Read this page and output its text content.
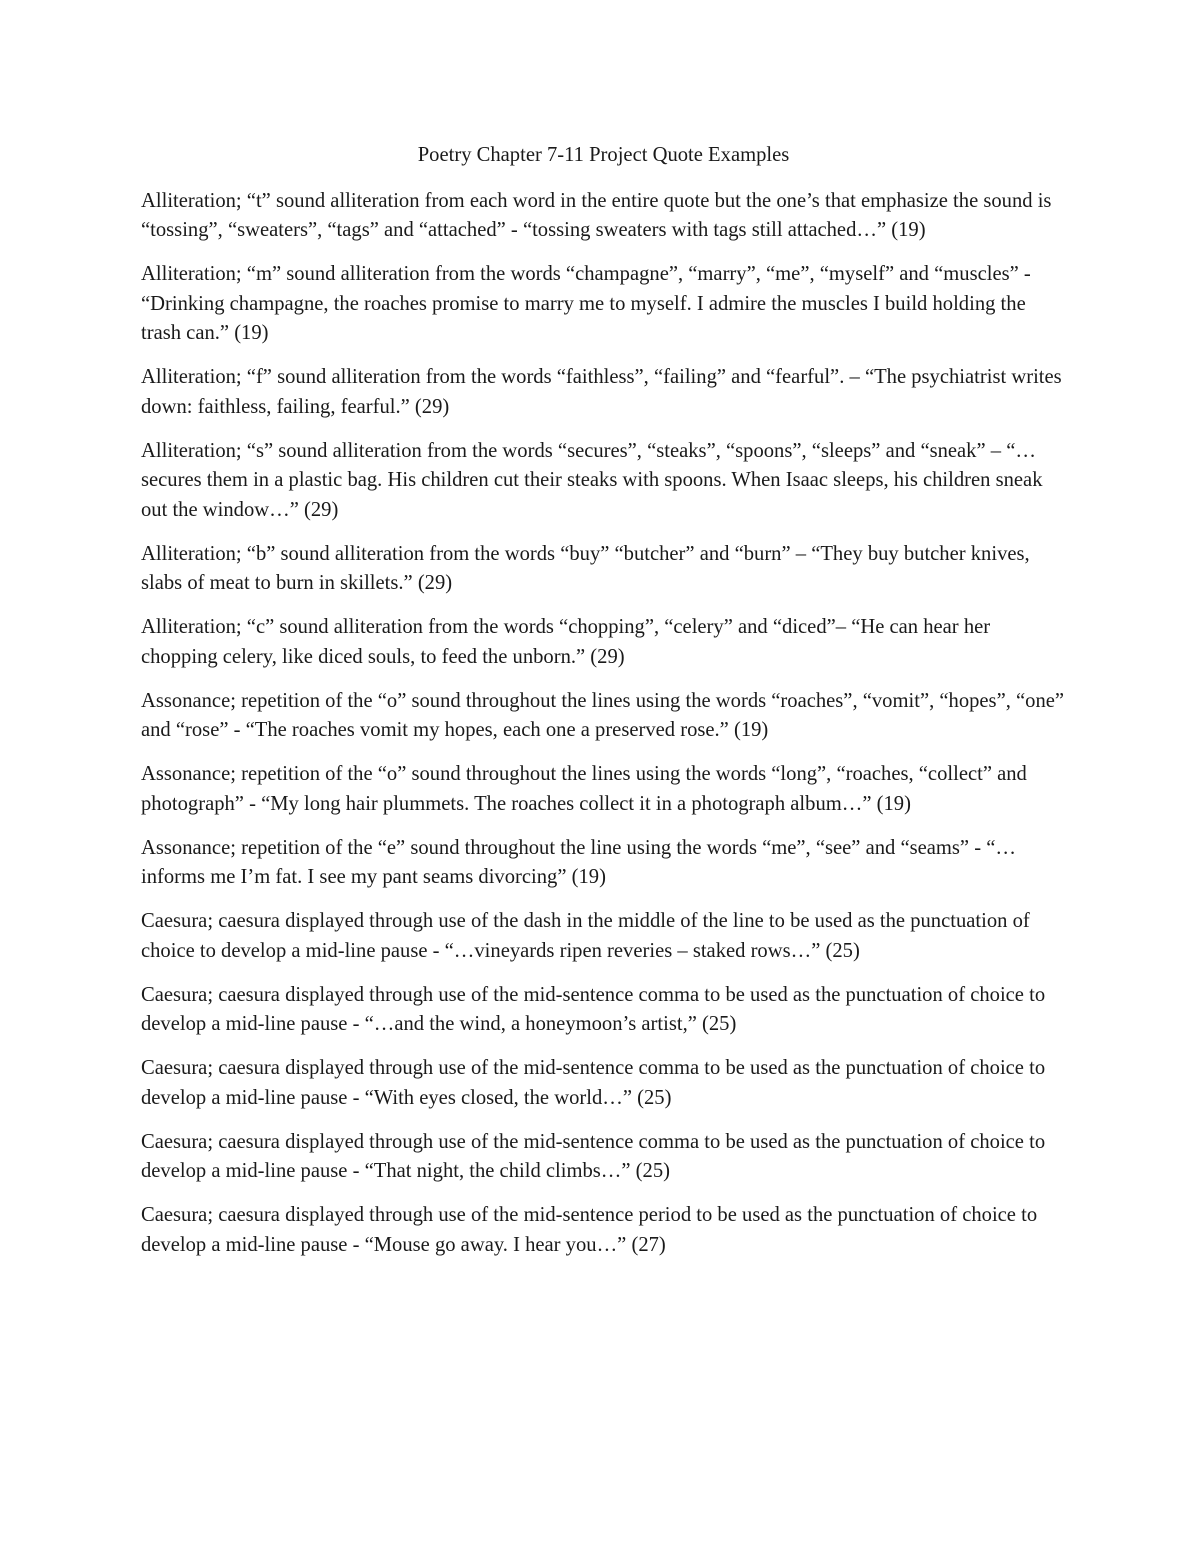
Poetry Chapter 7-11 Project Quote Examples

Alliteration; “t” sound alliteration from each word in the entire quote but the one’s that emphasize the sound is “tossing”, “sweaters”, “tags” and “attached” - “tossing sweaters with tags still attached…” (19)

Alliteration; “m” sound alliteration from the words “champagne”, “marry”, “me”, “myself” and “muscles” - “Drinking champagne, the roaches promise to marry me to myself. I admire the muscles I build holding the trash can.” (19)

Alliteration; “f” sound alliteration from the words “faithless”, “failing” and “fearful”. – “The psychiatrist writes down: faithless, failing, fearful.” (29)

Alliteration; “s” sound alliteration from the words “secures”, “steaks”, “spoons”, “sleeps” and “sneak” – “…secures them in a plastic bag. His children cut their steaks with spoons. When Isaac sleeps, his children sneak out the window…” (29)

Alliteration; “b” sound alliteration from the words “buy” “butcher” and “burn” – “They buy butcher knives, slabs of meat to burn in skillets.” (29)

Alliteration; “c” sound alliteration from the words “chopping”, “celery” and “diced”– “He can hear her chopping celery, like diced souls, to feed the unborn.” (29)

Assonance; repetition of the “o” sound throughout the lines using the words “roaches”, “vomit”, “hopes”, “one” and “rose” - “The roaches vomit my hopes, each one a preserved rose.” (19)

Assonance; repetition of the “o” sound throughout the lines using the words “long”, “roaches, “collect” and photograph” - “My long hair plummets. The roaches collect it in a photograph album…” (19)

Assonance; repetition of the “e” sound throughout the line using the words “me”, “see” and “seams” - “…informs me I’m fat. I see my pant seams divorcing” (19)

Caesura; caesura displayed through use of the dash in the middle of the line to be used as the punctuation of choice to develop a mid-line pause - “…vineyards ripen reveries – staked rows…” (25)

Caesura; caesura displayed through use of the mid-sentence comma to be used as the punctuation of choice to develop a mid-line pause - “…and the wind, a honeymoon’s artist,” (25)

Caesura; caesura displayed through use of the mid-sentence comma to be used as the punctuation of choice to develop a mid-line pause - “With eyes closed, the world…” (25)

Caesura; caesura displayed through use of the mid-sentence comma to be used as the punctuation of choice to develop a mid-line pause - “That night, the child climbs…” (25)

Caesura; caesura displayed through use of the mid-sentence period to be used as the punctuation of choice to develop a mid-line pause - “Mouse go away. I hear you…” (27)
